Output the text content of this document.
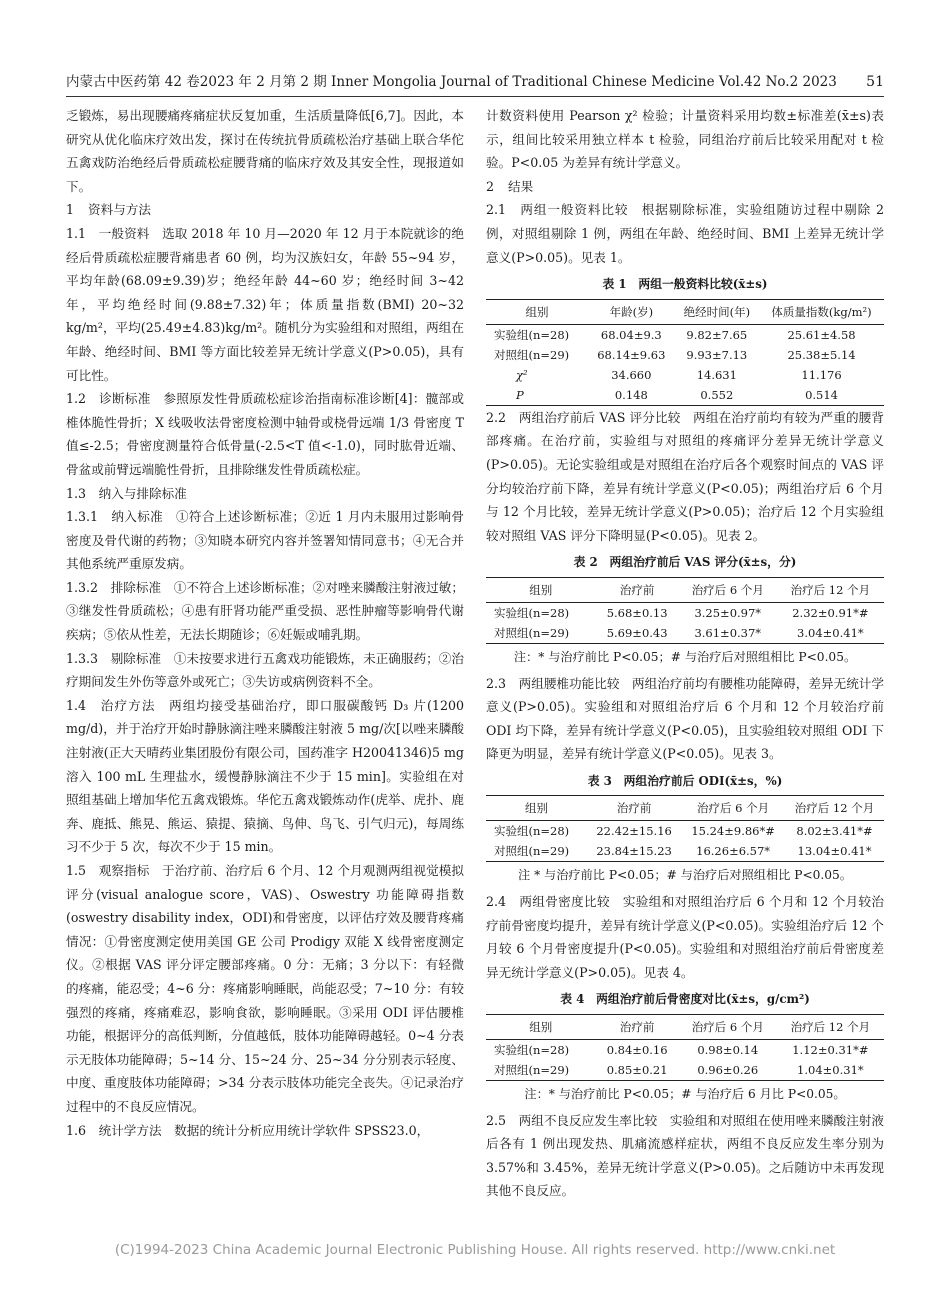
内蒙古中医药第 42 卷2023 年 2 月第 2 期 Inner Mongolia Journal of Traditional Chinese Medicine Vol.42 No.2 2023 51

乏锻炼，易出现腰痛疼痛症状反复加重，生活质量降低[6,7]。因此，本研究从优化临床疗效出发，探讨在传统抗骨质疏松治疗基础上联合华佗五禽戏防治绝经后骨质疏松症腰背痛的临床疗效及其安全性，现报道如下。

1 资料与方法

1.1　一般资料　选取 2018 年 10 月—2020 年 12 月于本院就诊的绝经后骨质疏松症腰背痛患者 60 例，均为汉族妇女，年龄 55~94 岁，平均年龄(68.09±9.39)岁；绝经年龄 44~60 岁；绝经时间 3~42 年，平均绝经时间(9.88±7.32)年；体质量指数(BMI) 20~32 kg/m²，平均(25.49±4.83)kg/m²。随机分为实验组和对照组，两组在年龄、绝经时间、BMI 等方面比较差异无统计学意义(P>0.05)，具有可比性。

1.2　诊断标准　参照原发性骨质疏松症诊治指南标准诊断[4]：髋部或椎体脆性骨折；X 线吸收法骨密度检测中轴骨或桡骨远端 1/3 骨密度 T 值≤-2.5；骨密度测量符合低骨量(-2.5<T 值<-1.0)，同时肱骨近端、骨盆或前臂远端脆性骨折，且排除继发性骨质疏松症。

1.3　纳入与排除标准

1.3.1　纳入标准　①符合上述诊断标准；②近 1 月内未服用过影响骨密度及骨代谢的药物；③知晓本研究内容并签署知情同意书；④无合并其他系统严重原发病。

1.3.2　排除标准　①不符合上述诊断标准；②对唑来膦酸注射液过敏；③继发性骨质疏松；④患有肝肾功能严重受损、恶性肿瘤等影响骨代谢疾病；⑤依从性差，无法长期随诊；⑥妊娠或哺乳期。

1.3.3　剔除标准　①未按要求进行五禽戏功能锻炼，未正确服药；②治疗期间发生外伤等意外或死亡；③失访或病例资料不全。

1.4　治疗方法　两组均接受基础治疗，即口服碳酸钙 D₃ 片(1200 mg/d)，并于治疗开始时静脉滴注唑来膦酸注射液 5 mg/次[以唑来膦酸注射液(正大天晴药业集团股份有限公司，国药准字 H20041346)5 mg 溶入 100 mL 生理盐水，缓慢静脉滴注不少于 15 min]。实验组在对照组基础上增加华佗五禽戏锻炼。华佗五禽戏锻炼动作(虎举、虎扑、鹿奔、鹿抵、熊晃、熊运、猿提、猿摘、鸟伸、鸟飞、引气归元)，每周练习不少于 5 次，每次不少于 15 min。

1.5　观察指标　于治疗前、治疗后 6 个月、12 个月观测两组视觉模拟评分(visual analogue score，VAS)、Oswestry 功能障碍指数(oswestry disability index，ODI)和骨密度，以评估疗效及腰背疼痛情况：①骨密度测定使用美国 GE 公司 Prodigy 双能 X 线骨密度测定仪。②根据 VAS 评分评定腰部疼痛。0 分：无痛；3 分以下：有轻微的疼痛，能忍受；4~6 分：疼痛影响睡眠，尚能忍受；7~10 分：有较强烈的疼痛，疼痛难忍，影响食欲，影响睡眠。③采用 ODI 评估腰椎功能，根据评分的高低判断，分值越低，肢体功能障碍越轻。0~4 分表示无肢体功能障碍；5~14 分、15~24 分、25~34 分分别表示轻度、中度、重度肢体功能障碍；>34 分表示肢体功能完全丧失。④记录治疗过程中的不良反应情况。

1.6　统计学方法　数据的统计分析应用统计学软件 SPSS23.0，

计数资料使用 Pearson χ² 检验；计量资料采用均数±标准差(x̄±s)表示，组间比较采用独立样本 t 检验，同组治疗前后比较采用配对 t 检验。P<0.05 为差异有统计学意义。

2 结果

2.1　两组一般资料比较　根据剔除标准，实验组随访过程中剔除 2 例，对照组剔除 1 例，两组在年龄、绝经时间、BMI 上差异无统计学意义(P>0.05)。见表 1。

表 1　两组一般资料比较(x̄±s)
组别	年龄(岁)	绝经时间(年)	体质量指数(kg/m²)
实验组(n=28)	68.04±9.3	9.82±7.65	25.61±4.58
对照组(n=29)	68.14±9.63	9.93±7.13	25.38±5.14
χ²	34.660	14.631	11.176
P	0.148	0.552	0.514

2.2　两组治疗前后 VAS 评分比较　两组在治疗前均有较为严重的腰背部疼痛。在治疗前，实验组与对照组的疼痛评分差异无统计学意义(P>0.05)。无论实验组或是对照组在治疗后各个观察时间点的 VAS 评分均较治疗前下降，差异有统计学意义(P<0.05)；两组治疗后 6 个月与 12 个月比较，差异无统计学意义(P>0.05)；治疗后 12 个月实验组较对照组 VAS 评分下降明显(P<0.05)。见表 2。

表 2　两组治疗前后 VAS 评分(x̄±s，分)
组别	治疗前	治疗后 6 个月	治疗后 12 个月
实验组(n=28)	5.68±0.13	3.25±0.97*	2.32±0.91*#
对照组(n=29)	5.69±0.43	3.61±0.37*	3.04±0.41*
注：* 与治疗前比 P<0.05；# 与治疗后对照组相比 P<0.05。

2.3　两组腰椎功能比较　两组治疗前均有腰椎功能障碍，差异无统计学意义(P>0.05)。实验组和对照组治疗后 6 个月和 12 个月较治疗前 ODI 均下降，差异有统计学意义(P<0.05)，且实验组较对照组 ODI 下降更为明显，差异有统计学意义(P<0.05)。见表 3。

表 3　两组治疗前后 ODI(x̄±s，%)
组别	治疗前	治疗后 6 个月	治疗后 12 个月
实验组(n=28)	22.42±15.16	15.24±9.86*#	8.02±3.41*#
对照组(n=29)	23.84±15.23	16.26±6.57*	13.04±0.41*
注 * 与治疗前比 P<0.05；# 与治疗后对照组相比 P<0.05。

2.4　两组骨密度比较　实验组和对照组治疗后 6 个月和 12 个月较治疗前骨密度均提升，差异有统计学意义(P<0.05)。实验组治疗后 12 个月较 6 个月骨密度提升(P<0.05)。实验组和对照组治疗前后骨密度差异无统计学意义(P>0.05)。见表 4。

表 4　两组治疗前后骨密度对比(x̄±s，g/cm²)
组别	治疗前	治疗后 6 个月	治疗后 12 个月
实验组(n=28)	0.84±0.16	0.98±0.14	1.12±0.31*#
对照组(n=29)	0.85±0.21	0.96±0.26	1.04±0.31*
注：* 与治疗前比 P<0.05；# 与治疗后 6 月比 P<0.05。

2.5　两组不良反应发生率比较　实验组和对照组在使用唑来膦酸注射液后各有 1 例出现发热、肌痛流感样症状，两组不良反应发生率分别为 3.57%和 3.45%，差异无统计学意义(P>0.05)。之后随访中未再发现其他不良反应。

(C)1994-2023 China Academic Journal Electronic Publishing House. All rights reserved. http://www.cnki.net
